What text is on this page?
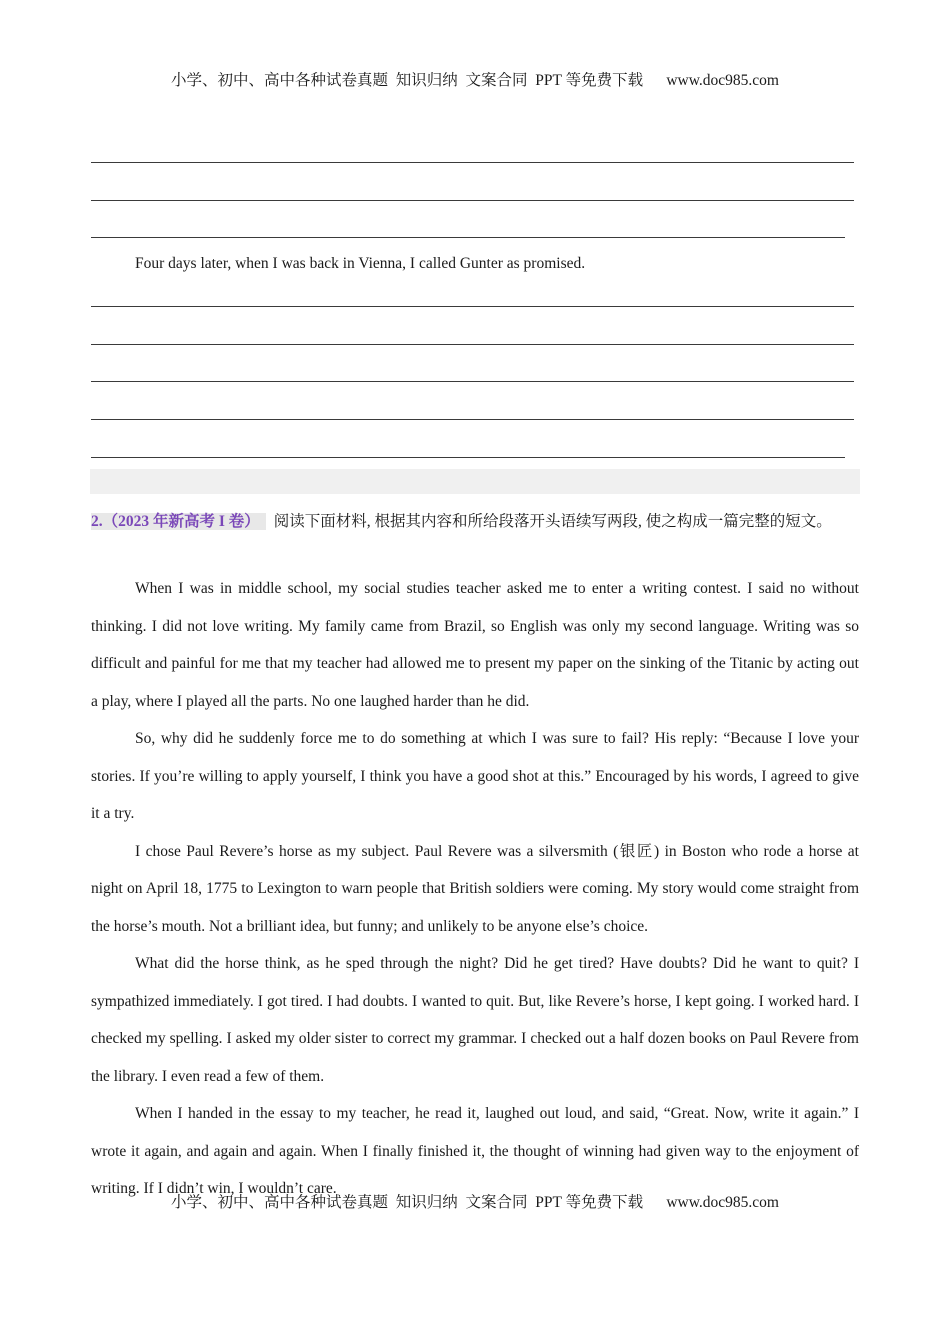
小学、初中、高中各种试卷真题  知识归纳  文案合同  PPT 等免费下载      www.doc985.com
Four days later, when I was back in Vienna, I called Gunter as promised.
2.（2023 年新高考 I 卷） 阅读下面材料, 根据其内容和所给段落开头语续写两段, 使之构成一篇完整的短文。

When I was in middle school, my social studies teacher asked me to enter a writing contest. I said no without thinking. I did not love writing. My family came from Brazil, so English was only my second language. Writing was so difficult and painful for me that my teacher had allowed me to present my paper on the sinking of the Titanic by acting out a play, where I played all the parts. No one laughed harder than he did.

So, why did he suddenly force me to do something at which I was sure to fail? His reply: “Because I love your stories. If you’re willing to apply yourself, I think you have a good shot at this.” Encouraged by his words, I agreed to give it a try.

I chose Paul Revere’s horse as my subject. Paul Revere was a silversmith (银匠) in Boston who rode a horse at night on April 18, 1775 to Lexington to warn people that British soldiers were coming. My story would come straight from the horse’s mouth. Not a brilliant idea, but funny; and unlikely to be anyone else’s choice.

What did the horse think, as he sped through the night? Did he get tired? Have doubts? Did he want to quit? I sympathized immediately. I got tired. I had doubts. I wanted to quit. But, like Revere’s horse, I kept going. I worked hard. I checked my spelling. I asked my older sister to correct my grammar. I checked out a half dozen books on Paul Revere from the library. I even read a few of them.

When I handed in the essay to my teacher, he read it, laughed out loud, and said, “Great. Now, write it again.” I wrote it again, and again and again. When I finally finished it, the thought of winning had given way to the enjoyment of writing. If I didn’t win, I wouldn’t care.

小学、初中、高中各种试卷真题  知识归纳  文案合同  PPT 等免费下载      www.doc985.com
